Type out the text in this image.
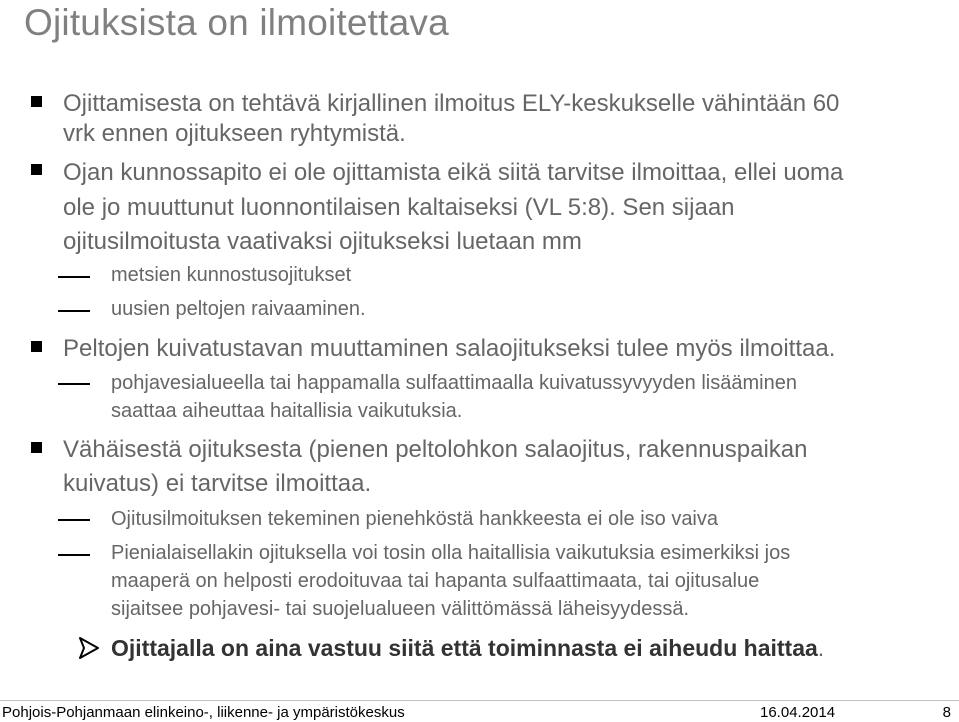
Ojituksista on ilmoitettava
Ojittamisesta on tehtävä kirjallinen ilmoitus ELY-keskukselle vähintään 60
vrk ennen ojitukseen ryhtymistä.
Ojan kunnossapito ei ole ojittamista eikä siitä tarvitse ilmoittaa, ellei uoma
ole jo muuttunut luonnontilaisen kaltaiseksi (VL 5:8). Sen sijaan
ojitusilmoitusta vaativaksi ojitukseksi luetaan mm
metsien kunnostusojitukset
uusien peltojen raivaaminen.
Peltojen kuivatustavan muuttaminen salaojitukseksi tulee myös ilmoittaa.
pohjavesialueella tai happamalla sulfaattimaalla kuivatussyvyyden lisääminen
saattaa aiheuttaa haitallisia vaikutuksia.
Vähäisestä ojituksesta (pienen peltolohkon salaojitus, rakennuspaikan
kuivatus) ei tarvitse ilmoittaa.
Ojitusilmoituksen tekeminen pienehköstä hankkeesta ei ole iso vaiva
Pienialaisellakin ojituksella voi tosin olla haitallisia vaikutuksia esimerkiksi jos
maaperä on helposti erodoituvaa tai hapanta sulfaattimaata, tai ojitusalue
sijaitsee pohjavesi- tai suojelualueen välittömässä läheisyydessä.
Ojittajalla on aina vastuu siitä että toiminnasta ei aiheudu haittaa.
Pohjois-Pohjanmaan elinkeino-, liikenne- ja ympäristökeskus	16.04.2014	8
